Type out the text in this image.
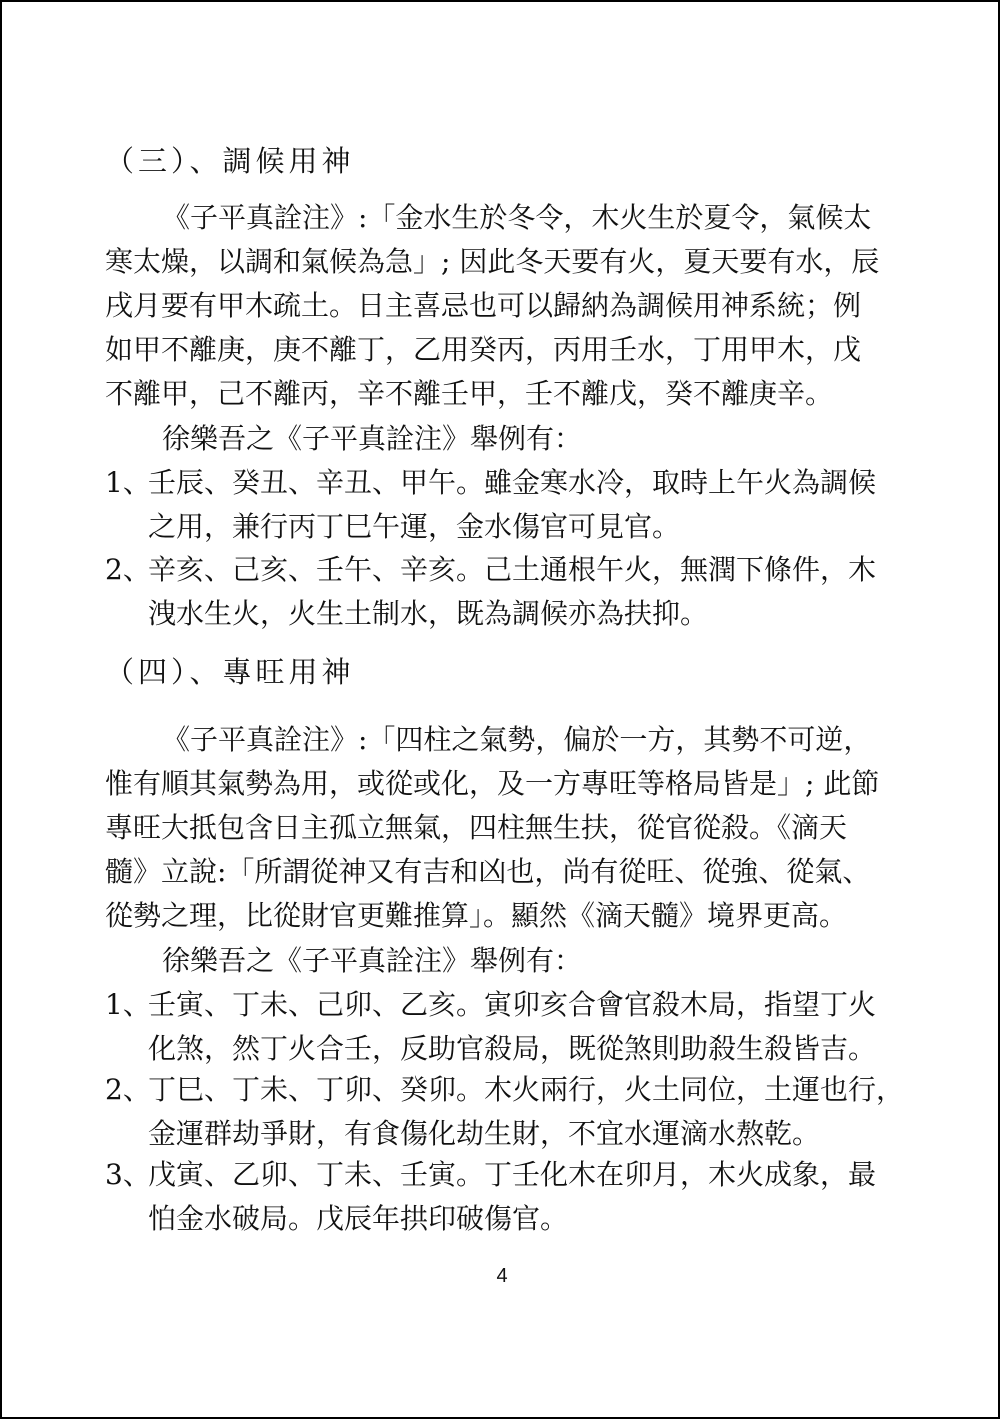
（三）、調候用神
《子平真詮注》:「金水生於冬令，木火生於夏令，氣候太
寒太燥，以調和氣候為急」; 因此冬天要有火，夏天要有水，辰
戌月要有甲木疏土。日主喜忌也可以歸納為調候用神系統；例
如甲不離庚，庚不離丁，乙用癸丙，丙用壬水，丁用甲木，戊
不離甲，己不離丙，辛不離壬甲，壬不離戊，癸不離庚辛。
徐樂吾之《子平真詮注》舉例有：
1、
壬辰、癸丑、辛丑、甲午。雖金寒水冷，取時上午火為調候
之用，兼行丙丁巳午運，金水傷官可見官。
2、
辛亥、己亥、壬午、辛亥。己土通根午火，無潤下條件，木
洩水生火，火生土制水，既為調候亦為扶抑。
（四）、專旺用神
《子平真詮注》:「四柱之氣勢，偏於一方，其勢不可逆，
惟有順其氣勢為用，或從或化，及一方專旺等格局皆是」; 此節
專旺大抵包含日主孤立無氣，四柱無生扶，從官從殺。《滴天
髓》立說:「所謂從神又有吉和凶也，尚有從旺、從強、從氣、
從勢之理，比從財官更難推算」。顯然《滴天髓》境界更高。
徐樂吾之《子平真詮注》舉例有：
1、
壬寅、丁未、己卯、乙亥。寅卯亥合會官殺木局，指望丁火
化煞，然丁火合壬，反助官殺局，既從煞則助殺生殺皆吉。
2、
丁巳、丁未、丁卯、癸卯。木火兩行，火土同位，土運也行，
金運群劫爭財，有食傷化劫生財，不宜水運滴水熬乾。
3、
戊寅、乙卯、丁未、壬寅。丁壬化木在卯月，木火成象，最
怕金水破局。戊辰年拱印破傷官。
4
